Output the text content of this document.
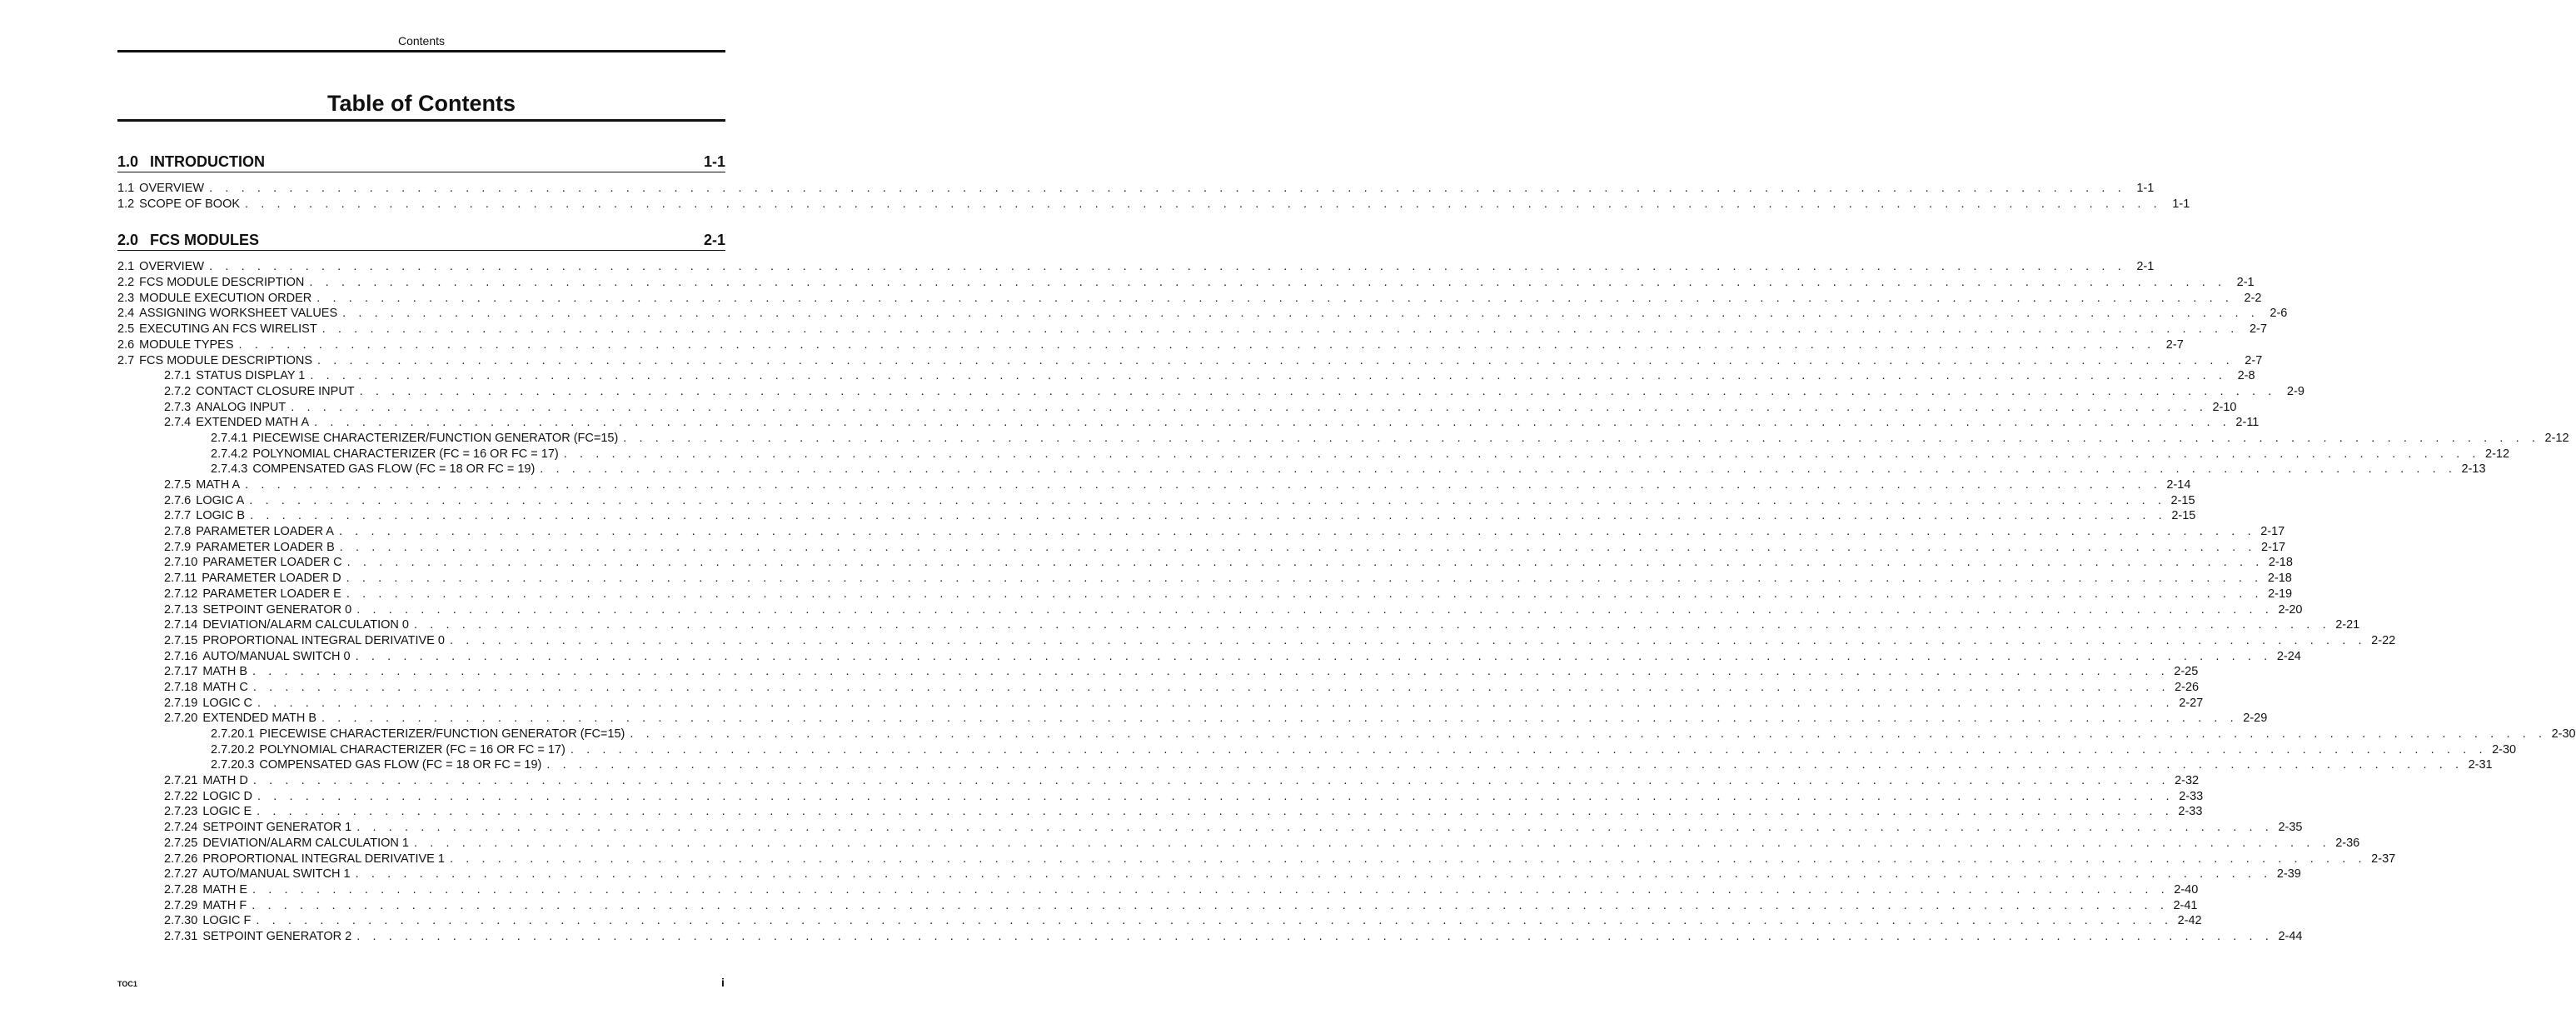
Contents
Table of Contents
1.0 INTRODUCTION	1-1
1.1 OVERVIEW . . . . . . . . . . . . . . . . . . . . . . . . . . . . . . . . . . . . . . . . . . . . . . . . . . . . . . . . . . . . . . . . . . . . . . . . . . . . . . . . . . . . . . . . . . . . . . . . . . . . . . . . . . . . . . . . . . . . . . . . 1-1
1.2 SCOPE OF BOOK . . . . . . . . . . . . . . . . . . . . . . . . . . . . . . . . . . . . . . . . . . . . . . . . . . . . . . . . . . . . . . . . . . . . . . . . . . . . . . . . . . . . . . . . . . . . . . . . . . . . . . . . . . . . . . . . . . . . . . . . 1-1
2.0 FCS MODULES	2-1
2.1 OVERVIEW . . . . . . . . . . . . . . . . . . . . . . . . . . . . . . . . . . . . . . . . . . . . . . . . . . . . . . . . . . . . . . . . . . . . . . . . . . . . . . . . . . . . . . . . . . . . . . . . . . . . . . . . . . . . . . . . . . . . . . . . 2-1
2.2 FCS MODULE DESCRIPTION . . . . . . . . . . . . . . . . . . . . . . . . . . . . . . . . . . . . . . . . . . . . . . . . . . . . . . . . . . . . . . . . . . . . . . . . . . . . . . . . . . . . . . . . . . . . . . . . . . . . . . . . . . . . . . . . . . . . . . . . 2-1
2.3 MODULE EXECUTION ORDER . . . . . . . . . . . . . . . . . . . . . . . . . . . . . . . . . . . . . . . . . . . . . . . . . . . . . . . . . . . . . . . . . . . . . . . . . . . . . . . . . . . . . . . . . . . . . . . . . . . . . . . . . . . . . . . . . . . . . . . . 2-2
2.4 ASSIGNING WORKSHEET VALUES . . . . . . . . . . . . . . . . . . . . . . . . . . . . . . . . . . . . . . . . . . . . . . . . . . . . . . . . . . . . . . . . . . . . . . . . . . . . . . . . . . . . . . . . . . . . . . . . . . . . . . . . . . . . . . . . . . . . . . . . 2-6
2.5 EXECUTING AN FCS WIRELIST . . . . . . . . . . . . . . . . . . . . . . . . . . . . . . . . . . . . . . . . . . . . . . . . . . . . . . . . . . . . . . . . . . . . . . . . . . . . . . . . . . . . . . . . . . . . . . . . . . . . . . . . . . . . . . . . . . . . . . . . 2-7
2.6 MODULE TYPES . . . . . . . . . . . . . . . . . . . . . . . . . . . . . . . . . . . . . . . . . . . . . . . . . . . . . . . . . . . . . . . . . . . . . . . . . . . . . . . . . . . . . . . . . . . . . . . . . . . . . . . . . . . . . . . . . . . . . . . . 2-7
2.7 FCS MODULE DESCRIPTIONS . . . . . . . . . . . . . . . . . . . . . . . . . . . . . . . . . . . . . . . . . . . . . . . . . . . . . . . . . . . . . . . . . . . . . . . . . . . . . . . . . . . . . . . . . . . . . . . . . . . . . . . . . . . . . . . . . . . . . . . . 2-7
2.7.1 STATUS DISPLAY 1 . . . . . . . . . . . . . . . . . . . . . . . . . . . . . . . . . . . . . . . . . . . . . . . . . . . . . . . . . . . . . . . . . . . . . . . . . . . . . . . . . . . . . . . . . . . . . . . . . . . . . . . . . . . . . . . . . . . . . . . . 2-8
2.7.2 CONTACT CLOSURE INPUT . . . . . . . . . . . . . . . . . . . . . . . . . . . . . . . . . . . . . . . . . . . . . . . . . . . . . . . . . . . . . . . . . . . . . . . . . . . . . . . . . . . . . . . . . . . . . . . . . . . . . . . . . . . . . . . . . . . . . . . . 2-9
2.7.3 ANALOG INPUT . . . . . . . . . . . . . . . . . . . . . . . . . . . . . . . . . . . . . . . . . . . . . . . . . . . . . . . . . . . . . . . . . . . . . . . . . . . . . . . . . . . . . . . . . . . . . . . . . . . . . . . . . . . . . . . . . . . . . . . . 2-10
2.7.4 EXTENDED MATH A . . . . . . . . . . . . . . . . . . . . . . . . . . . . . . . . . . . . . . . . . . . . . . . . . . . . . . . . . . . . . . . . . . . . . . . . . . . . . . . . . . . . . . . . . . . . . . . . . . . . . . . . . . . . . . . . . . . . . . . . 2-11
2.7.4.1 PIECEWISE CHARACTERIZER/FUNCTION GENERATOR (FC=15) . . . . . . . . . . . . . . . . . . . . . . . . . . . . . . . . . . . . . . . . . . . . . . . . . . . . . . . . . . . . . . . . . . . . . . . . . . . . . . . . . . . . . . . . . . . . . . . . . . . . . . . . . . . . . . . . . . . . . . . . 2-12
2.7.4.2 POLYNOMIAL CHARACTERIZER (FC = 16 OR FC = 17) . . . . . . . . . . . . . . . . . . . . . . . . . . . . . . . . . . . . . . . . . . . . . . . . . . . . . . . . . . . . . . . . . . . . . . . . . . . . . . . . . . . . . . . . . . . . . . . . . . . . . . . . . . . . . . . . . . . . . . . . 2-12
2.7.4.3 COMPENSATED GAS FLOW (FC = 18 OR FC = 19) . . . . . . . . . . . . . . . . . . . . . . . . . . . . . . . . . . . . . . . . . . . . . . . . . . . . . . . . . . . . . . . . . . . . . . . . . . . . . . . . . . . . . . . . . . . . . . . . . . . . . . . . . . . . . . . . . . . . . . . . 2-13
2.7.5 MATH A . . . . . . . . . . . . . . . . . . . . . . . . . . . . . . . . . . . . . . . . . . . . . . . . . . . . . . . . . . . . . . . . . . . . . . . . . . . . . . . . . . . . . . . . . . . . . . . . . . . . . . . . . . . . . . . . . . . . . . . . 2-14
2.7.6 LOGIC A . . . . . . . . . . . . . . . . . . . . . . . . . . . . . . . . . . . . . . . . . . . . . . . . . . . . . . . . . . . . . . . . . . . . . . . . . . . . . . . . . . . . . . . . . . . . . . . . . . . . . . . . . . . . . . . . . . . . . . . . 2-15
2.7.7 LOGIC B . . . . . . . . . . . . . . . . . . . . . . . . . . . . . . . . . . . . . . . . . . . . . . . . . . . . . . . . . . . . . . . . . . . . . . . . . . . . . . . . . . . . . . . . . . . . . . . . . . . . . . . . . . . . . . . . . . . . . . . . 2-15
2.7.8 PARAMETER LOADER A . . . . . . . . . . . . . . . . . . . . . . . . . . . . . . . . . . . . . . . . . . . . . . . . . . . . . . . . . . . . . . . . . . . . . . . . . . . . . . . . . . . . . . . . . . . . . . . . . . . . . . . . . . . . . . . . . . . . . . . . 2-17
2.7.9 PARAMETER LOADER B . . . . . . . . . . . . . . . . . . . . . . . . . . . . . . . . . . . . . . . . . . . . . . . . . . . . . . . . . . . . . . . . . . . . . . . . . . . . . . . . . . . . . . . . . . . . . . . . . . . . . . . . . . . . . . . . . . . . . . . . 2-17
2.7.10 PARAMETER LOADER C . . . . . . . . . . . . . . . . . . . . . . . . . . . . . . . . . . . . . . . . . . . . . . . . . . . . . . . . . . . . . . . . . . . . . . . . . . . . . . . . . . . . . . . . . . . . . . . . . . . . . . . . . . . . . . . . . . . . . . . . 2-18
2.7.11 PARAMETER LOADER D . . . . . . . . . . . . . . . . . . . . . . . . . . . . . . . . . . . . . . . . . . . . . . . . . . . . . . . . . . . . . . . . . . . . . . . . . . . . . . . . . . . . . . . . . . . . . . . . . . . . . . . . . . . . . . . . . . . . . . . . 2-18
2.7.12 PARAMETER LOADER E . . . . . . . . . . . . . . . . . . . . . . . . . . . . . . . . . . . . . . . . . . . . . . . . . . . . . . . . . . . . . . . . . . . . . . . . . . . . . . . . . . . . . . . . . . . . . . . . . . . . . . . . . . . . . . . . . . . . . . . . 2-19
2.7.13 SETPOINT GENERATOR 0 . . . . . . . . . . . . . . . . . . . . . . . . . . . . . . . . . . . . . . . . . . . . . . . . . . . . . . . . . . . . . . . . . . . . . . . . . . . . . . . . . . . . . . . . . . . . . . . . . . . . . . . . . . . . . . . . . . . . . . . . 2-20
2.7.14 DEVIATION/ALARM CALCULATION 0 . . . . . . . . . . . . . . . . . . . . . . . . . . . . . . . . . . . . . . . . . . . . . . . . . . . . . . . . . . . . . . . . . . . . . . . . . . . . . . . . . . . . . . . . . . . . . . . . . . . . . . . . . . . . . . . . . . . . . . . . 2-21
2.7.15 PROPORTIONAL INTEGRAL DERIVATIVE 0 . . . . . . . . . . . . . . . . . . . . . . . . . . . . . . . . . . . . . . . . . . . . . . . . . . . . . . . . . . . . . . . . . . . . . . . . . . . . . . . . . . . . . . . . . . . . . . . . . . . . . . . . . . . . . . . . . . . . . . . . 2-22
2.7.16 AUTO/MANUAL SWITCH 0 . . . . . . . . . . . . . . . . . . . . . . . . . . . . . . . . . . . . . . . . . . . . . . . . . . . . . . . . . . . . . . . . . . . . . . . . . . . . . . . . . . . . . . . . . . . . . . . . . . . . . . . . . . . . . . . . . . . . . . . . 2-24
2.7.17 MATH B . . . . . . . . . . . . . . . . . . . . . . . . . . . . . . . . . . . . . . . . . . . . . . . . . . . . . . . . . . . . . . . . . . . . . . . . . . . . . . . . . . . . . . . . . . . . . . . . . . . . . . . . . . . . . . . . . . . . . . . . 2-25
2.7.18 MATH C . . . . . . . . . . . . . . . . . . . . . . . . . . . . . . . . . . . . . . . . . . . . . . . . . . . . . . . . . . . . . . . . . . . . . . . . . . . . . . . . . . . . . . . . . . . . . . . . . . . . . . . . . . . . . . . . . . . . . . . . 2-26
2.7.19 LOGIC C . . . . . . . . . . . . . . . . . . . . . . . . . . . . . . . . . . . . . . . . . . . . . . . . . . . . . . . . . . . . . . . . . . . . . . . . . . . . . . . . . . . . . . . . . . . . . . . . . . . . . . . . . . . . . . . . . . . . . . . . 2-27
2.7.20 EXTENDED MATH B . . . . . . . . . . . . . . . . . . . . . . . . . . . . . . . . . . . . . . . . . . . . . . . . . . . . . . . . . . . . . . . . . . . . . . . . . . . . . . . . . . . . . . . . . . . . . . . . . . . . . . . . . . . . . . . . . . . . . . . . 2-29
2.7.20.1 PIECEWISE CHARACTERIZER/FUNCTION GENERATOR (FC=15) . . . . . . . . . . . . . . . . . . . . . . . . . . . . . . . . . . . . . . . . . . . . . . . . . . . . . . . . . . . . . . . . . . . . . . . . . . . . . . . . . . . . . . . . . . . . . . . . . . . . . . . . . . . . . . . . . . . . . . . . 2-30
2.7.20.2 POLYNOMIAL CHARACTERIZER (FC = 16 OR FC = 17) . . . . . . . . . . . . . . . . . . . . . . . . . . . . . . . . . . . . . . . . . . . . . . . . . . . . . . . . . . . . . . . . . . . . . . . . . . . . . . . . . . . . . . . . . . . . . . . . . . . . . . . . . . . . . . . . . . . . . . . . 2-30
2.7.20.3 COMPENSATED GAS FLOW (FC = 18 OR FC = 19) . . . . . . . . . . . . . . . . . . . . . . . . . . . . . . . . . . . . . . . . . . . . . . . . . . . . . . . . . . . . . . . . . . . . . . . . . . . . . . . . . . . . . . . . . . . . . . . . . . . . . . . . . . . . . . . . . . . . . . . . 2-31
2.7.21 MATH D . . . . . . . . . . . . . . . . . . . . . . . . . . . . . . . . . . . . . . . . . . . . . . . . . . . . . . . . . . . . . . . . . . . . . . . . . . . . . . . . . . . . . . . . . . . . . . . . . . . . . . . . . . . . . . . . . . . . . . . . 2-32
2.7.22 LOGIC D . . . . . . . . . . . . . . . . . . . . . . . . . . . . . . . . . . . . . . . . . . . . . . . . . . . . . . . . . . . . . . . . . . . . . . . . . . . . . . . . . . . . . . . . . . . . . . . . . . . . . . . . . . . . . . . . . . . . . . . . 2-33
2.7.23 LOGIC E . . . . . . . . . . . . . . . . . . . . . . . . . . . . . . . . . . . . . . . . . . . . . . . . . . . . . . . . . . . . . . . . . . . . . . . . . . . . . . . . . . . . . . . . . . . . . . . . . . . . . . . . . . . . . . . . . . . . . . . . 2-33
2.7.24 SETPOINT GENERATOR 1 . . . . . . . . . . . . . . . . . . . . . . . . . . . . . . . . . . . . . . . . . . . . . . . . . . . . . . . . . . . . . . . . . . . . . . . . . . . . . . . . . . . . . . . . . . . . . . . . . . . . . . . . . . . . . . . . . . . . . . . . 2-35
2.7.25 DEVIATION/ALARM CALCULATION 1 . . . . . . . . . . . . . . . . . . . . . . . . . . . . . . . . . . . . . . . . . . . . . . . . . . . . . . . . . . . . . . . . . . . . . . . . . . . . . . . . . . . . . . . . . . . . . . . . . . . . . . . . . . . . . . . . . . . . . . . . 2-36
2.7.26 PROPORTIONAL INTEGRAL DERIVATIVE 1 . . . . . . . . . . . . . . . . . . . . . . . . . . . . . . . . . . . . . . . . . . . . . . . . . . . . . . . . . . . . . . . . . . . . . . . . . . . . . . . . . . . . . . . . . . . . . . . . . . . . . . . . . . . . . . . . . . . . . . . . 2-37
2.7.27 AUTO/MANUAL SWITCH 1 . . . . . . . . . . . . . . . . . . . . . . . . . . . . . . . . . . . . . . . . . . . . . . . . . . . . . . . . . . . . . . . . . . . . . . . . . . . . . . . . . . . . . . . . . . . . . . . . . . . . . . . . . . . . . . . . . . . . . . . . 2-39
2.7.28 MATH E . . . . . . . . . . . . . . . . . . . . . . . . . . . . . . . . . . . . . . . . . . . . . . . . . . . . . . . . . . . . . . . . . . . . . . . . . . . . . . . . . . . . . . . . . . . . . . . . . . . . . . . . . . . . . . . . . . . . . . . . 2-40
2.7.29 MATH F . . . . . . . . . . . . . . . . . . . . . . . . . . . . . . . . . . . . . . . . . . . . . . . . . . . . . . . . . . . . . . . . . . . . . . . . . . . . . . . . . . . . . . . . . . . . . . . . . . . . . . . . . . . . . . . . . . . . . . . . 2-41
2.7.30 LOGIC F . . . . . . . . . . . . . . . . . . . . . . . . . . . . . . . . . . . . . . . . . . . . . . . . . . . . . . . . . . . . . . . . . . . . . . . . . . . . . . . . . . . . . . . . . . . . . . . . . . . . . . . . . . . . . . . . . . . . . . . . 2-42
2.7.31 SETPOINT GENERATOR 2 . . . . . . . . . . . . . . . . . . . . . . . . . . . . . . . . . . . . . . . . . . . . . . . . . . . . . . . . . . . . . . . . . . . . . . . . . . . . . . . . . . . . . . . . . . . . . . . . . . . . . . . . . . . . . . . . . . . . . . . . 2-44
TOC1	i
